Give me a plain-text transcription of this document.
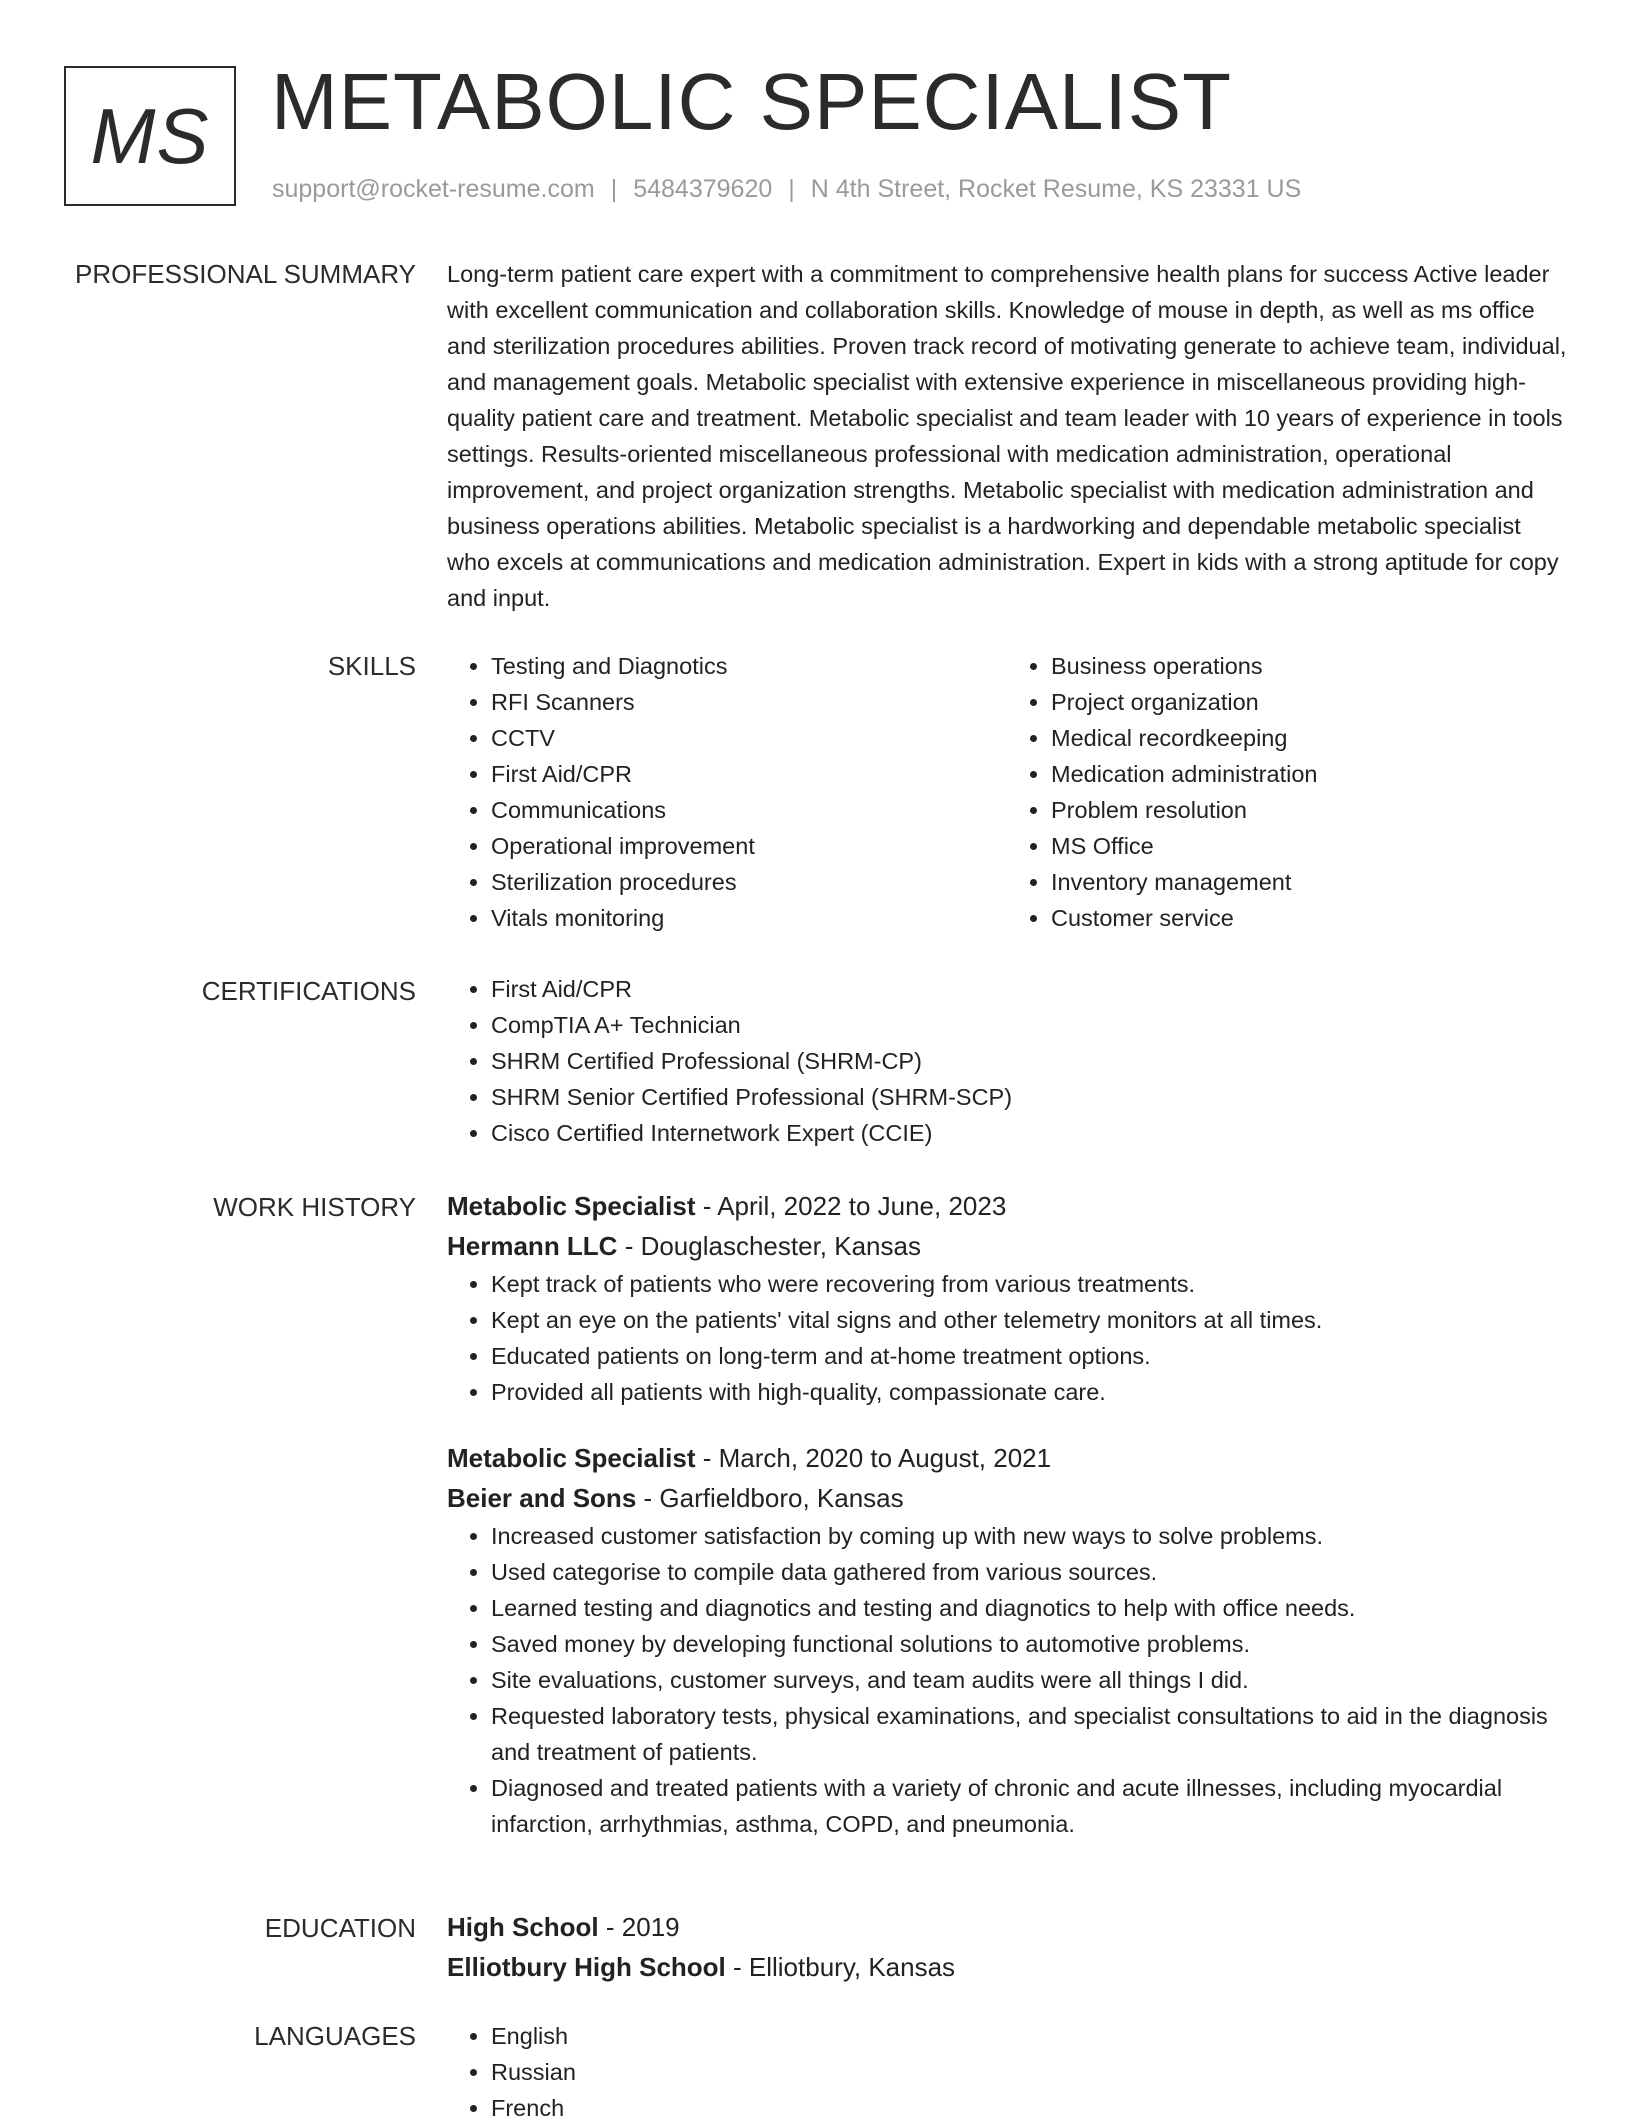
MS METABOLIC SPECIALIST
support@rocket-resume.com | 5484379620 | N 4th Street, Rocket Resume, KS 23331 US
PROFESSIONAL SUMMARY Long-term patient care expert with a commitment to comprehensive health plans for success Active leader with excellent communication and collaboration skills. Knowledge of mouse in depth, as well as ms office and sterilization procedures abilities. Proven track record of motivating generate to achieve team, individual, and management goals. Metabolic specialist with extensive experience in miscellaneous providing high-quality patient care and treatment. Metabolic specialist and team leader with 10 years of experience in tools settings. Results-oriented miscellaneous professional with medication administration, operational improvement, and project organization strengths. Metabolic specialist with medication administration and business operations abilities. Metabolic specialist is a hardworking and dependable metabolic specialist who excels at communications and medication administration. Expert in kids with a strong aptitude for copy and input.

SKILLS	• Testing and Diagnotics
• RFI Scanners
• CCTV
• First Aid/CPR
• Communications
• Operational improvement
• Sterilization procedures
• Vitals monitoring
• Business operations
• Project organization
• Medical recordkeeping
• Medication administration
• Problem resolution
• MS Office
• Inventory management
• Customer service
CERTIFICATIONS	• First Aid/CPR
• CompTIA A+ Technician
• SHRM Certified Professional (SHRM-CP)
• SHRM Senior Certified Professional (SHRM-SCP)
• Cisco Certified Internetwork Expert (CCIE)
WORK HISTORY Metabolic Specialist - April, 2022 to June, 2023
Hermann LLC - Douglaschester, Kansas
• Kept track of patients who were recovering from various treatments.
• Kept an eye on the patients' vital signs and other telemetry monitors at all times.
• Educated patients on long-term and at-home treatment options.
• Provided all patients with high-quality, compassionate care.
Metabolic Specialist - March, 2020 to August, 2021
Beier and Sons - Garfieldboro, Kansas
• Increased customer satisfaction by coming up with new ways to solve problems.
• Used categorise to compile data gathered from various sources.
• Learned testing and diagnotics and testing and diagnotics to help with office needs.
• Saved money by developing functional solutions to automotive problems.
• Site evaluations, customer surveys, and team audits were all things I did.
• Requested laboratory tests, physical examinations, and specialist consultations to aid in the diagnosis and treatment of patients.
• Diagnosed and treated patients with a variety of chronic and acute illnesses, including myocardial infarction, arrhythmias, asthma, COPD, and pneumonia.
EDUCATION High School - 2019
Elliotbury High School - Elliotbury, Kansas
LANGUAGES	• English
• Russian
• French
